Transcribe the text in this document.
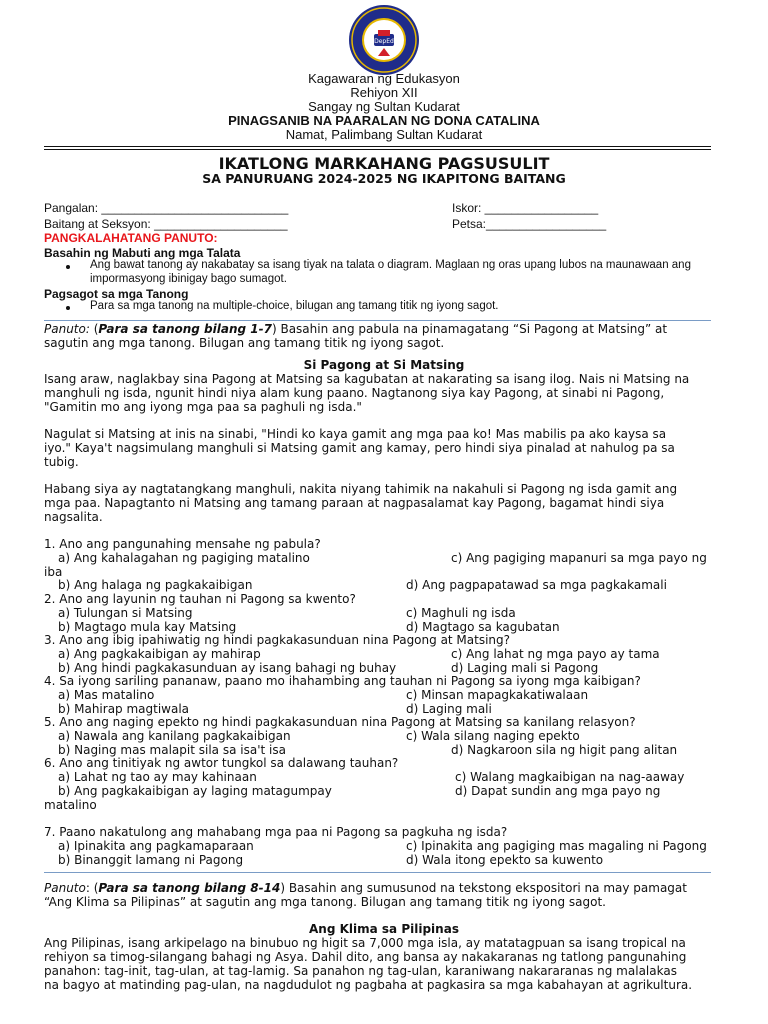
DepEd
Kagawaran ng Edukasyon
Rehiyon XII
Sangay ng Sultan Kudarat
PINAGSANIB NA PAARALAN NG DONA CATALINA
Namat, Palimbang Sultan Kudarat
IKATLONG MARKAHANG PAGSUSULIT
SA PANURUANG 2024-2025 NG IKAPITONG BAITANG
Pangalan: ____________________________	Iskor: _________________
Baitang at Seksyon: ____________________	Petsa:__________________
PANGKALAHATANG PANUTO:
Basahin ng Mabuti ang mga Talata
Ang bawat tanong ay nakabatay sa isang tiyak na talata o diagram. Maglaan ng oras upang lubos na maunawaan ang
impormasyong ibinigay bago sumagot.
Pagsagot sa mga Tanong
Para sa mga tanong na multiple-choice, bilugan ang tamang titik ng iyong sagot.
Panuto: (Para sa tanong bilang 1-7) Basahin ang pabula na pinamagatang “Si Pagong at Matsing” at
sagutin ang mga tanong. Bilugan ang tamang titik ng iyong sagot.
Si Pagong at Si Matsing
Isang araw, naglakbay sina Pagong at Matsing sa kagubatan at nakarating sa isang ilog. Nais ni Matsing na
manghuli ng isda, ngunit hindi niya alam kung paano. Nagtanong siya kay Pagong, at sinabi ni Pagong,
"Gamitin mo ang iyong mga paa sa paghuli ng isda."
Nagulat si Matsing at inis na sinabi, "Hindi ko kaya gamit ang mga paa ko! Mas mabilis pa ako kaysa sa
iyo." Kaya't nagsimulang manghuli si Matsing gamit ang kamay, pero hindi siya pinalad at nahulog pa sa
tubig.
Habang siya ay nagtatangkang manghuli, nakita niyang tahimik na nakahuli si Pagong ng isda gamit ang
mga paa. Napagtanto ni Matsing ang tamang paraan at nagpasalamat kay Pagong, bagamat hindi siya
nagsalita.
1. Ano ang pangunahing mensahe ng pabula?
a) Ang kahalagahan ng pagiging matalino	c) Ang pagiging mapanuri sa mga payo ng
iba
b) Ang halaga ng pagkakaibigan	d) Ang pagpapatawad sa mga pagkakamali
2. Ano ang layunin ng tauhan ni Pagong sa kwento?
a) Tulungan si Matsing	c) Maghuli ng isda
b) Magtago mula kay Matsing	d) Magtago sa kagubatan
3. Ano ang ibig ipahiwatig ng hindi pagkakasunduan nina Pagong at Matsing?
a) Ang pagkakaibigan ay mahirap	c) Ang lahat ng mga payo ay tama
b) Ang hindi pagkakasunduan ay isang bahagi ng buhay	d) Laging mali si Pagong
4. Sa iyong sariling pananaw, paano mo ihahambing ang tauhan ni Pagong sa iyong mga kaibigan?
a) Mas matalino	c) Minsan mapagkakatiwalaan
b) Mahirap magtiwala	d) Laging mali
5. Ano ang naging epekto ng hindi pagkakasunduan nina Pagong at Matsing sa kanilang relasyon?
a) Nawala ang kanilang pagkakaibigan	c) Wala silang naging epekto
b) Naging mas malapit sila sa isa't isa	d) Nagkaroon sila ng higit pang alitan
6. Ano ang tinitiyak ng awtor tungkol sa dalawang tauhan?
a) Lahat ng tao ay may kahinaan	c) Walang magkaibigan na nag-aaway
b) Ang pagkakaibigan ay laging matagumpay	d) Dapat sundin ang mga payo ng
matalino
7. Paano nakatulong ang mahabang mga paa ni Pagong sa pagkuha ng isda?
a) Ipinakita ang pagkamaparaan	c) Ipinakita ang pagiging mas magaling ni Pagong
b) Binanggit lamang ni Pagong	d) Wala itong epekto sa kuwento
Panuto: (Para sa tanong bilang 8-14) Basahin ang sumusunod na tekstong ekspositori na may pamagat
“Ang Klima sa Pilipinas” at sagutin ang mga tanong. Bilugan ang tamang titik ng iyong sagot.
Ang Klima sa Pilipinas
Ang Pilipinas, isang arkipelago na binubuo ng higit sa 7,000 mga isla, ay matatagpuan sa isang tropical na
rehiyon sa timog-silangang bahagi ng Asya. Dahil dito, ang bansa ay nakakaranas ng tatlong pangunahing
panahon: tag-init, tag-ulan, at tag-lamig. Sa panahon ng tag-ulan, karaniwang nakararanas ng malalakas
na bagyo at matinding pag-ulan, na nagdudulot ng pagbaha at pagkasira sa mga kabahayan at agrikultura.
